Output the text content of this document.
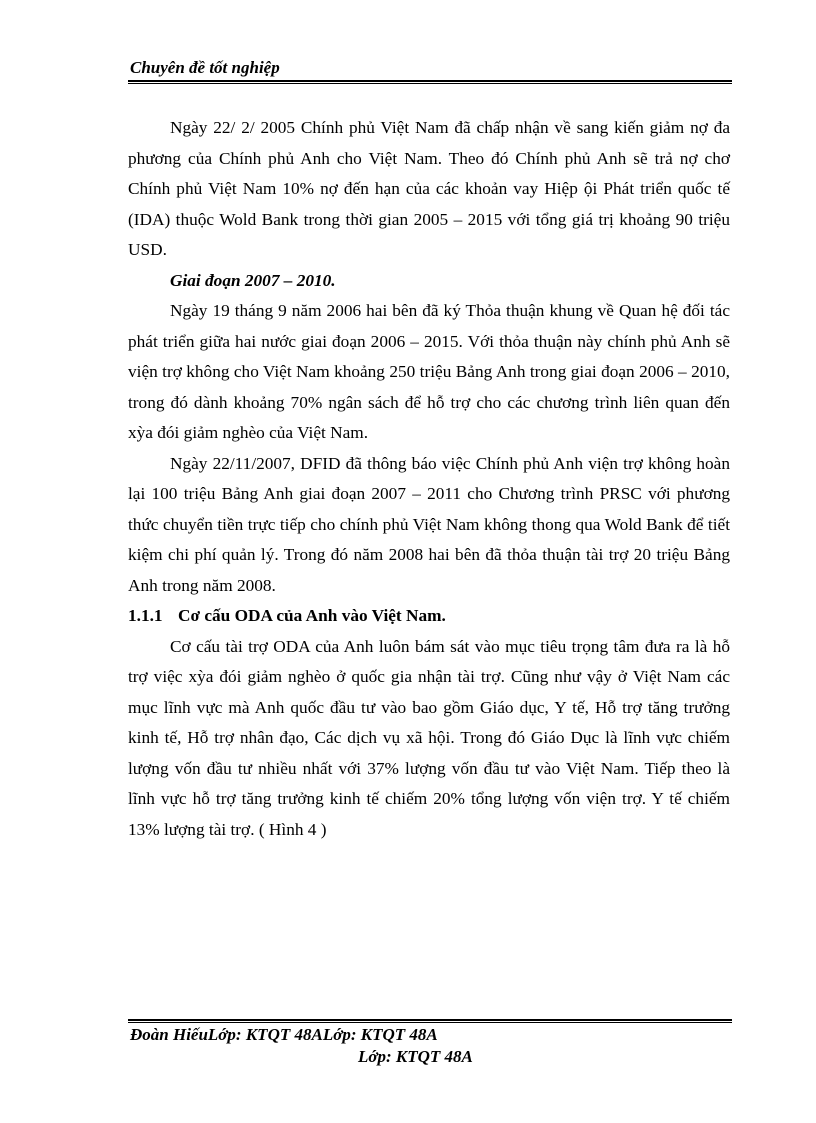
Chuyên đề tốt nghiệp

Ngày 22/ 2/ 2005 Chính phủ Việt Nam đã chấp nhận về sang kiến giảm nợ đa phương của Chính phủ Anh cho Việt Nam. Theo đó Chính phủ Anh sẽ trả nợ chơ Chính phủ Việt Nam 10% nợ đến hạn của các khoản vay Hiệp ội Phát triển quốc tế (IDA) thuộc Wold Bank trong thời gian 2005 – 2015 với tổng giá trị khoảng 90 triệu USD.

Giai đoạn 2007 – 2010.

Ngày 19 tháng 9 năm 2006 hai bên đã ký Thỏa thuận khung về Quan hệ đối tác phát triển giữa hai nước giai đoạn 2006 – 2015. Với thỏa thuận này chính phủ Anh sẽ viện trợ không cho Việt Nam khoảng 250 triệu Bảng Anh trong giai đoạn 2006 – 2010, trong đó dành khoảng 70% ngân sách để hỗ trợ cho các chương trình liên quan đến xỳa đói giảm nghèo của Việt Nam.

Ngày 22/11/2007, DFID đã thông báo việc Chính phủ Anh viện trợ không hoàn lại 100 triệu Bảng Anh giai đoạn 2007 – 2011 cho Chương trình PRSC với phương thức chuyển tiền trực tiếp cho chính phủ Việt Nam không thong qua Wold Bank để tiết kiệm chi phí quản lý. Trong đó năm 2008 hai bên đã thỏa thuận tài trợ 20 triệu Bảng Anh trong năm 2008.

1.1.1 Cơ cấu ODA của Anh vào Việt Nam.

Cơ cấu tài trợ ODA của Anh luôn bám sát vào mục tiêu trọng tâm đưa ra là hỗ trợ việc xỳa đói giảm nghèo ở quốc gia nhận tài trợ. Cũng như vậy ở Việt Nam các mục lĩnh vực mà Anh quốc đầu tư vào bao gồm Giáo dục, Y tế, Hỗ trợ tăng trưởng kinh tế, Hỗ trợ nhân đạo, Các dịch vụ xã hội. Trong đó Giáo Dục là lĩnh vực chiếm lượng vốn đầu tư nhiều nhất với 37% lượng vốn đầu tư vào Việt Nam. Tiếp theo là lĩnh vực hỗ trợ tăng trưởng kinh tế chiếm 20% tổng lượng vốn viện trợ. Y tế chiếm 13% lượng tài trợ. ( Hình 4 )

Đoàn HiếuLớp: KTQT 48ALớp: KTQT 48A
Lớp: KTQT 48A
